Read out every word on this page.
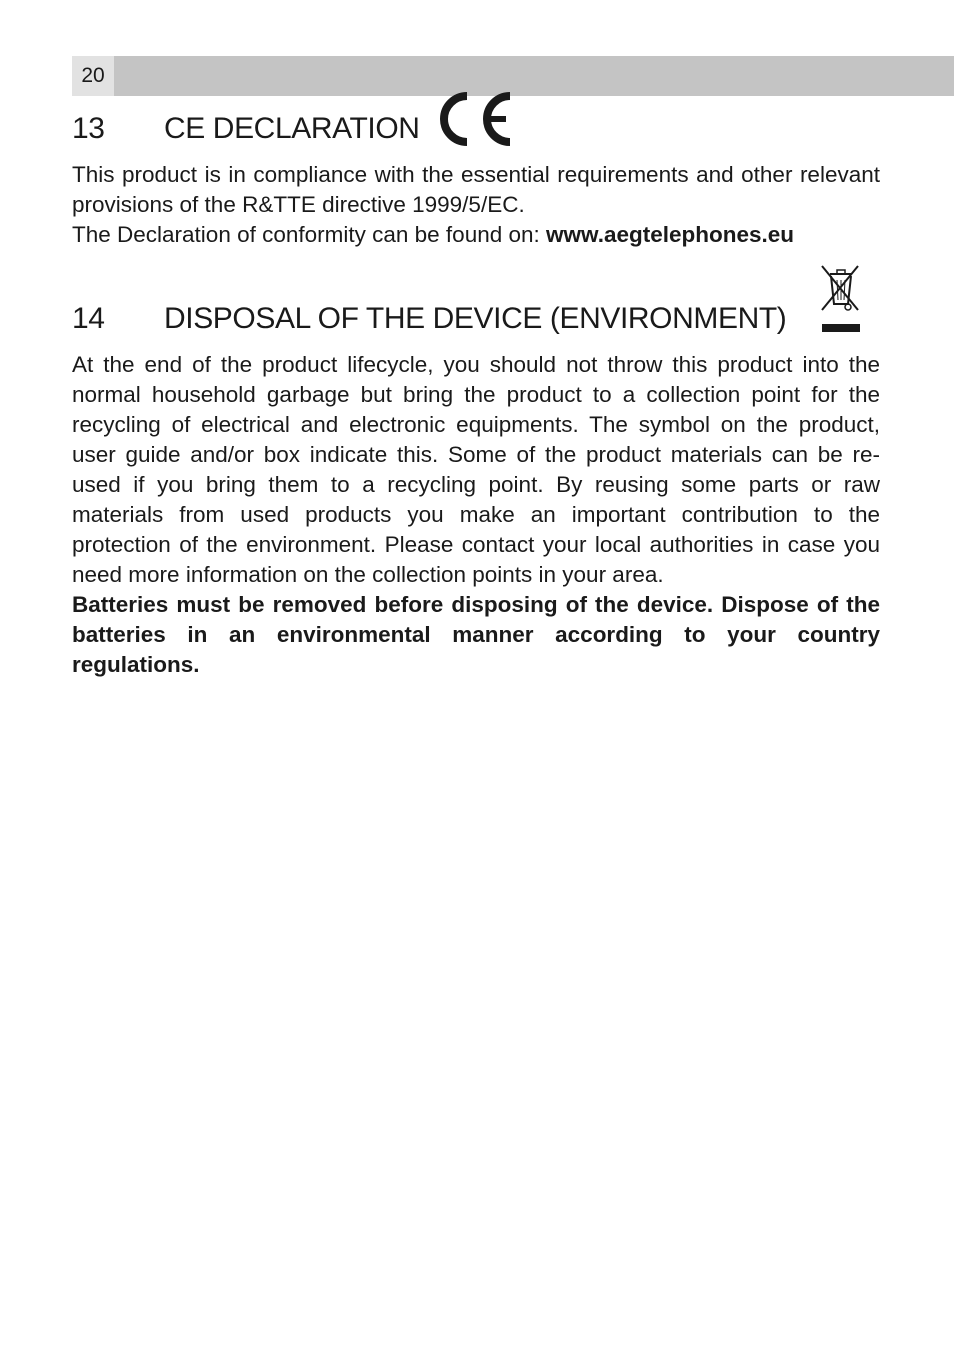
20
13 CE DECLARATION

This product is in compliance with the essential requirements and other relevant provisions of the R&TTE directive 1999/5/EC.

The Declaration of conformity can be found on: www.aegtelephones.eu

14 DISPOSAL OF THE DEVICE (ENVIRONMENT)

At the end of the product lifecycle, you should not throw this product into the normal household garbage but bring the product to a collection point for the recycling of electrical and electronic equipments. The symbol on the product, user guide and/or box indicate this. Some of the product materials can be re-used if you bring them to a recycling point. By reusing some parts or raw materials from used products you make an important contribution to the protection of the environment. Please contact your local authorities in case you need more information on the collection points in your area.

Batteries must be removed before disposing of the device. Dispose of the batteries in an environmental manner according to your country regulations.
